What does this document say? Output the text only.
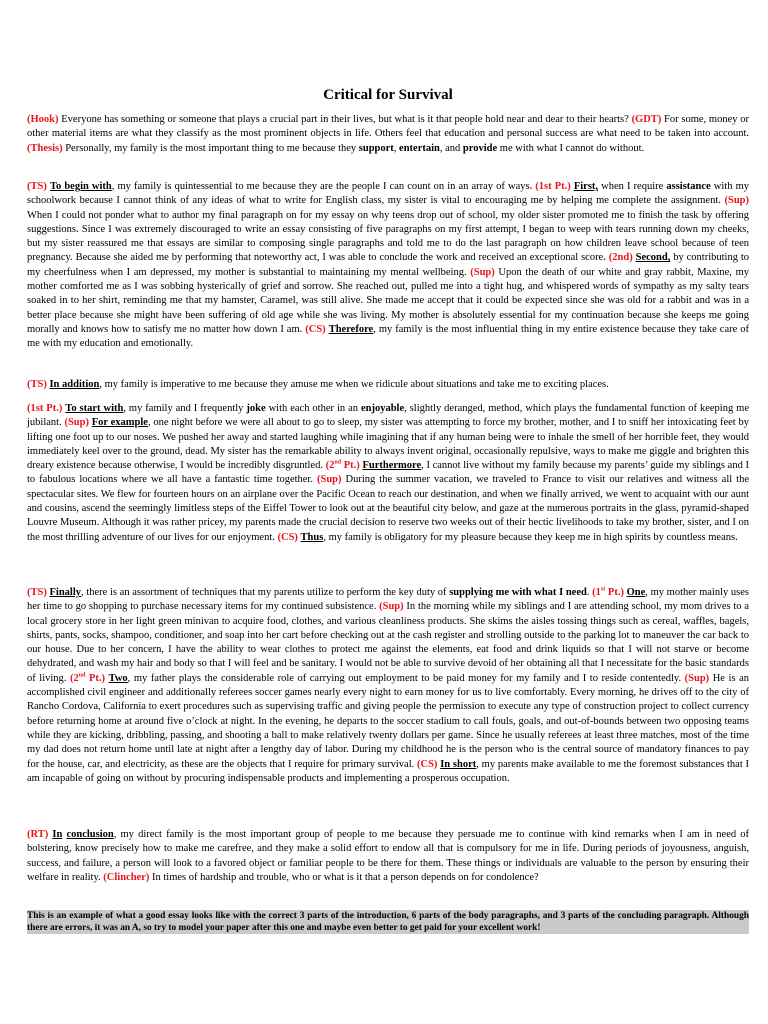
Critical for Survival

(Hook) Everyone has something or someone that plays a crucial part in their lives, but what is it that people hold near and dear to their hearts? (GDT) For some, money or other material items are what they classify as the most prominent objects in life. Others feel that education and personal success are what need to be taken into account. (Thesis) Personally, my family is the most important thing to me because they support, entertain, and provide me with what I cannot do without.

(TS) To begin with, my family is quintessential to me because they are the people I can count on in an array of ways. (1st Pt.) First, when I require assistance with my schoolwork because I cannot think of any ideas of what to write for English class, my sister is vital to encouraging me by helping me complete the assignment. (Sup) When I could not ponder what to author my final paragraph on for my essay on why teens drop out of school, my older sister promoted me to finish the task by offering suggestions. Since I was extremely discouraged to write an essay consisting of five paragraphs on my first attempt, I began to weep with tears running down my cheeks, but my sister reassured me that essays are similar to composing single paragraphs and told me to do the last paragraph on how children leave school because of teen pregnancy. Because she aided me by performing that noteworthy act, I was able to conclude the work and received an exceptional score. (2nd) Second, by contributing to my cheerfulness when I am depressed, my mother is substantial to maintaining my mental wellbeing. (Sup) Upon the death of our white and gray rabbit, Maxine, my mother comforted me as I was sobbing hysterically of grief and sorrow. She reached out, pulled me into a tight hug, and whispered words of sympathy as my salty tears soaked in to her shirt, reminding me that my hamster, Caramel, was still alive. She made me accept that it could be expected since she was old for a rabbit and was in a better place because she might have been suffering of old age while she was living. My mother is absolutely essential for my continuation because she keeps me going morally and knows how to satisfy me no matter how down I am. (CS) Therefore, my family is the most influential thing in my entire existence because they take care of me with my education and emotionally.

(TS) In addition, my family is imperative to me because they amuse me when we ridicule about situations and take me to exciting places.

(1st Pt.) To start with, my family and I frequently joke with each other in an enjoyable, slightly deranged, method, which plays the fundamental function of keeping me jubilant. (Sup) For example, one night before we were all about to go to sleep, my sister was attempting to force my brother, mother, and I to sniff her intoxicating feet by lifting one foot up to our noses. We pushed her away and started laughing while imagining that if any human being were to inhale the smell of her horrible feet, they would immediately keel over to the ground, dead. My sister has the remarkable ability to always invent original, occasionally repulsive, ways to make me giggle and brighten this dreary existence because otherwise, I would be incredibly disgruntled. (2nd Pt.) Furthermore, I cannot live without my family because my parents’ guide my siblings and I to fabulous locations where we all have a fantastic time together. (Sup) During the summer vacation, we traveled to France to visit our relatives and witness all the spectacular sites. We flew for fourteen hours on an airplane over the Pacific Ocean to reach our destination, and when we finally arrived, we went to acquaint with our aunt and cousins, ascend the seemingly limitless steps of the Eiffel Tower to look out at the beautiful city below, and gaze at the numerous portraits in the glass, pyramid-shaped Louvre Museum. Although it was rather pricey, my parents made the crucial decision to reserve two weeks out of their hectic livelihoods to take my brother, sister, and I on the most thrilling adventure of our lives for our enjoyment. (CS) Thus, my family is obligatory for my pleasure because they keep me in high spirits by countless means.

(TS) Finally, there is an assortment of techniques that my parents utilize to perform the key duty of supplying me with what I need. (1st Pt.) One, my mother mainly uses her time to go shopping to purchase necessary items for my continued subsistence. (Sup) In the morning while my siblings and I are attending school, my mom drives to a local grocery store in her light green minivan to acquire food, clothes, and various cleanliness products. She skims the aisles tossing things such as cereal, waffles, bagels, shirts, pants, socks, shampoo, conditioner, and soap into her cart before checking out at the cash register and strolling outside to the parking lot to maneuver the car back to our house. Due to her concern, I have the ability to wear clothes to protect me against the elements, eat food and drink liquids so that I will not starve or become dehydrated, and wash my hair and body so that I will feel and be sanitary. I would not be able to survive devoid of her obtaining all that I necessitate for the basic standards of living. (2nd Pt.) Two, my father plays the considerable role of carrying out employment to be paid money for my family and I to reside contentedly. (Sup) He is an accomplished civil engineer and additionally referees soccer games nearly every night to earn money for us to live comfortably. Every morning, he drives off to the city of Rancho Cordova, California to exert procedures such as supervising traffic and giving people the permission to execute any type of construction project to collect currency before returning home at around five o’clock at night. In the evening, he departs to the soccer stadium to call fouls, goals, and out-of-bounds between two opposing teams while they are kicking, dribbling, passing, and shooting a ball to make relatively twenty dollars per game. Since he usually referees at least three matches, most of the time my dad does not return home until late at night after a lengthy day of labor. During my childhood he is the person who is the central source of mandatory finances to pay for the house, car, and electricity, as these are the objects that I require for primary survival. (CS) In short, my parents make available to me the foremost substances that I am incapable of going on without by procuring indispensable products and implementing a prosperous occupation.

(RT) In conclusion, my direct family is the most important group of people to me because they persuade me to continue with kind remarks when I am in need of bolstering, know precisely how to make me carefree, and they make a solid effort to endow all that is compulsory for me in life. During periods of joyousness, anguish, success, and failure, a person will look to a favored object or familiar people to be there for them. These things or individuals are valuable to the person by ensuring their welfare in reality. (Clincher) In times of hardship and trouble, who or what is it that a person depends on for condolence?

This is an example of what a good essay looks like with the correct 3 parts of the introduction, 6 parts of the body paragraphs, and 3 parts of the concluding paragraph. Although there are errors, it was an A, so try to model your paper after this one and maybe even better to get paid for your excellent work!
